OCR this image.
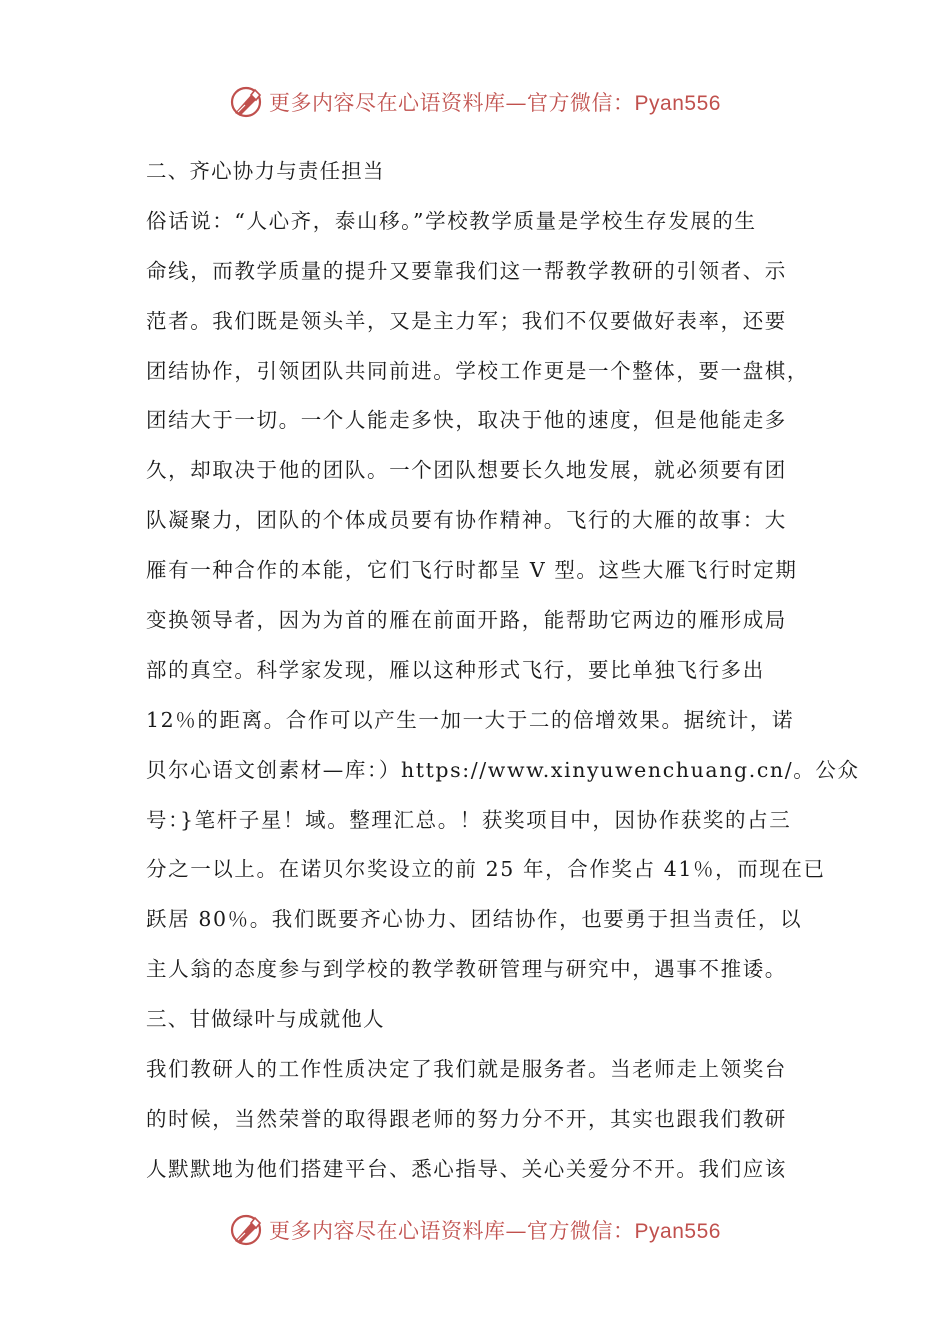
更多内容尽在心语资料库—官方微信：Pyan556
二、齐心协力与责任担当
俗话说：“人心齐，泰山移。”学校教学质量是学校生存发展的生
命线，而教学质量的提升又要靠我们这一帮教学教研的引领者、示
范者。我们既是领头羊，又是主力军；我们不仅要做好表率，还要
团结协作，引领团队共同前进。学校工作更是一个整体，要一盘棋，
团结大于一切。一个人能走多快，取决于他的速度，但是他能走多
久，却取决于他的团队。一个团队想要长久地发展，就必须要有团
队凝聚力，团队的个体成员要有协作精神。飞行的大雁的故事：大
雁有一种合作的本能，它们飞行时都呈 V 型。这些大雁飞行时定期
变换领导者，因为为首的雁在前面开路，能帮助它两边的雁形成局
部的真空。科学家发现，雁以这种形式飞行，要比单独飞行多出
12％的距离。合作可以产生一加一大于二的倍增效果。据统计，诺
贝尔心语文创素材—库：）https://www.xinyuwenchuang.cn/。公众
号：}笔杆子星！域。整理汇总。！获奖项目中，因协作获奖的占三
分之一以上。在诺贝尔奖设立的前 25 年，合作奖占 41％，而现在已
跃居 80％。我们既要齐心协力、团结协作，也要勇于担当责任，以
主人翁的态度参与到学校的教学教研管理与研究中，遇事不推诿。
三、甘做绿叶与成就他人
我们教研人的工作性质决定了我们就是服务者。当老师走上领奖台
的时候，当然荣誉的取得跟老师的努力分不开，其实也跟我们教研
人默默地为他们搭建平台、悉心指导、关心关爱分不开。我们应该
更多内容尽在心语资料库—官方微信：Pyan556
